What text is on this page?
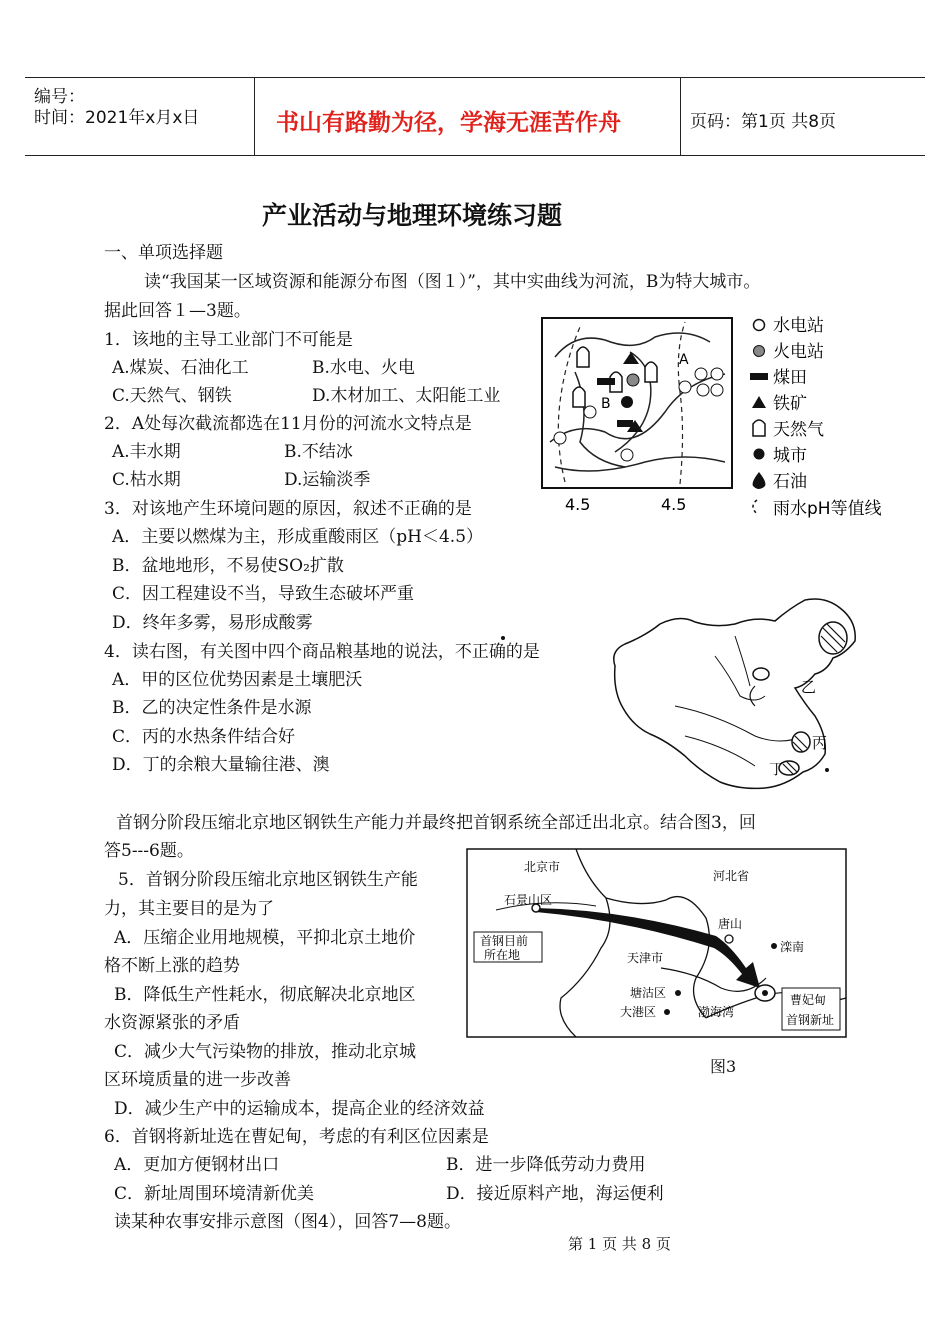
编号：
时间：2021年x月x日	书山有路勤为径，学海无涯苦作舟	页码：第1页 共8页
产业活动与地理环境练习题
一、单项选择题
读“我国某一区域资源和能源分布图（图１）”，其中实曲线为河流，B为特大城市。
据此回答１—3题。
1．该地的主导工业部门不可能是
A.煤炭、石油化工	B.水电、火电
C.天然气、钢铁	D.木材加工、太阳能工业
2．A处每次截流都选在11月份的河流水文特点是
A.丰水期	B.不结冰
C.枯水期	D.运输淡季
3．对该地产生环境问题的原因，叙述不正确的是
A．主要以燃煤为主，形成重酸雨区（pH＜4.5）
B．盆地地形，不易使SO₂扩散
C．因工程建设不当，导致生态破坏严重
D．终年多雾，易形成酸雾
4．读右图，有关图中四个商品粮基地的说法，不正确的是
A．甲的区位优势因素是土壤肥沃
B．乙的决定性条件是水源
C．丙的水热条件结合好
D．丁的余粮大量输往港、澳
A
B
4.5	4.5
水电站
火电站
煤田
铁矿
天然气
城市
石油
雨水pH等值线
乙
丙
丁
首钢分阶段压缩北京地区钢铁生产能力并最终把首钢系统全部迁出北京。结合图3，回
答5---6题。
5．首钢分阶段压缩北京地区钢铁生产能
力，其主要目的是为了
A．压缩企业用地规模，平抑北京土地价
格不断上涨的趋势
B．降低生产性耗水，彻底解决北京地区
水资源紧张的矛盾
C．减少大气污染物的排放，推动北京城
区环境质量的进一步改善
D．减少生产中的运输成本，提高企业的经济效益
北京市
河北省
石景山区
首钢目前
所在地
唐山
滦南
天津市
塘沽区
大港区	渤海湾
曹妃甸
首钢新址
图3
6．首钢将新址选在曹妃甸，考虑的有利区位因素是
A．更加方便钢材出口	B．进一步降低劳动力费用
C．新址周围环境清新优美	D．接近原料产地，海运便利
读某种农事安排示意图（图4），回答7—8题。
第 1 页 共 8 页
